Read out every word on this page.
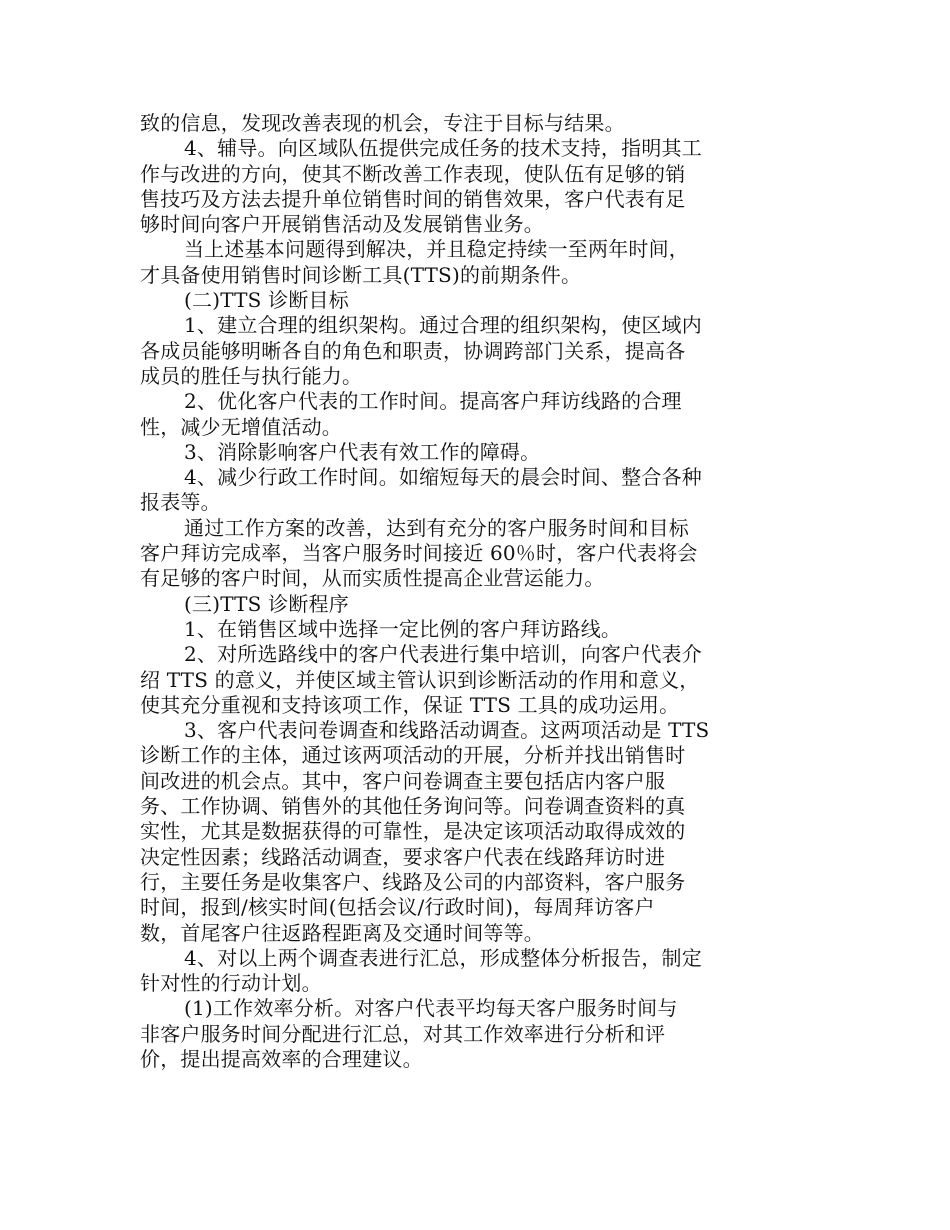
致的信息，发现改善表现的机会，专注于目标与结果。
4、辅导。向区域队伍提供完成任务的技术支持，指明其工
作与改进的方向，使其不断改善工作表现，使队伍有足够的销
售技巧及方法去提升单位销售时间的销售效果，客户代表有足
够时间向客户开展销售活动及发展销售业务。
当上述基本问题得到解决，并且稳定持续一至两年时间，
才具备使用销售时间诊断工具(TTS)的前期条件。
(二)TTS 诊断目标
1、建立合理的组织架构。通过合理的组织架构，使区域内
各成员能够明晰各自的角色和职责，协调跨部门关系，提高各
成员的胜任与执行能力。
2、优化客户代表的工作时间。提高客户拜访线路的合理
性，减少无增值活动。
3、消除影响客户代表有效工作的障碍。
4、减少行政工作时间。如缩短每天的晨会时间、整合各种
报表等。
通过工作方案的改善，达到有充分的客户服务时间和目标
客户拜访完成率，当客户服务时间接近 60％时，客户代表将会
有足够的客户时间，从而实质性提高企业营运能力。
(三)TTS 诊断程序
1、在销售区域中选择一定比例的客户拜访路线。
2、对所选路线中的客户代表进行集中培训，向客户代表介
绍 TTS 的意义，并使区域主管认识到诊断活动的作用和意义，
使其充分重视和支持该项工作，保证 TTS 工具的成功运用。
3、客户代表问卷调查和线路活动调查。这两项活动是 TTS
诊断工作的主体，通过该两项活动的开展，分析并找出销售时
间改进的机会点。其中，客户问卷调查主要包括店内客户服
务、工作协调、销售外的其他任务询问等。问卷调查资料的真
实性，尤其是数据获得的可靠性，是决定该项活动取得成效的
决定性因素；线路活动调查，要求客户代表在线路拜访时进
行，主要任务是收集客户、线路及公司的内部资料，客户服务
时间，报到/核实时间(包括会议/行政时间)，每周拜访客户
数，首尾客户往返路程距离及交通时间等等。
4、对以上两个调查表进行汇总，形成整体分析报告，制定
针对性的行动计划。
(1)工作效率分析。对客户代表平均每天客户服务时间与
非客户服务时间分配进行汇总，对其工作效率进行分析和评
价，提出提高效率的合理建议。
